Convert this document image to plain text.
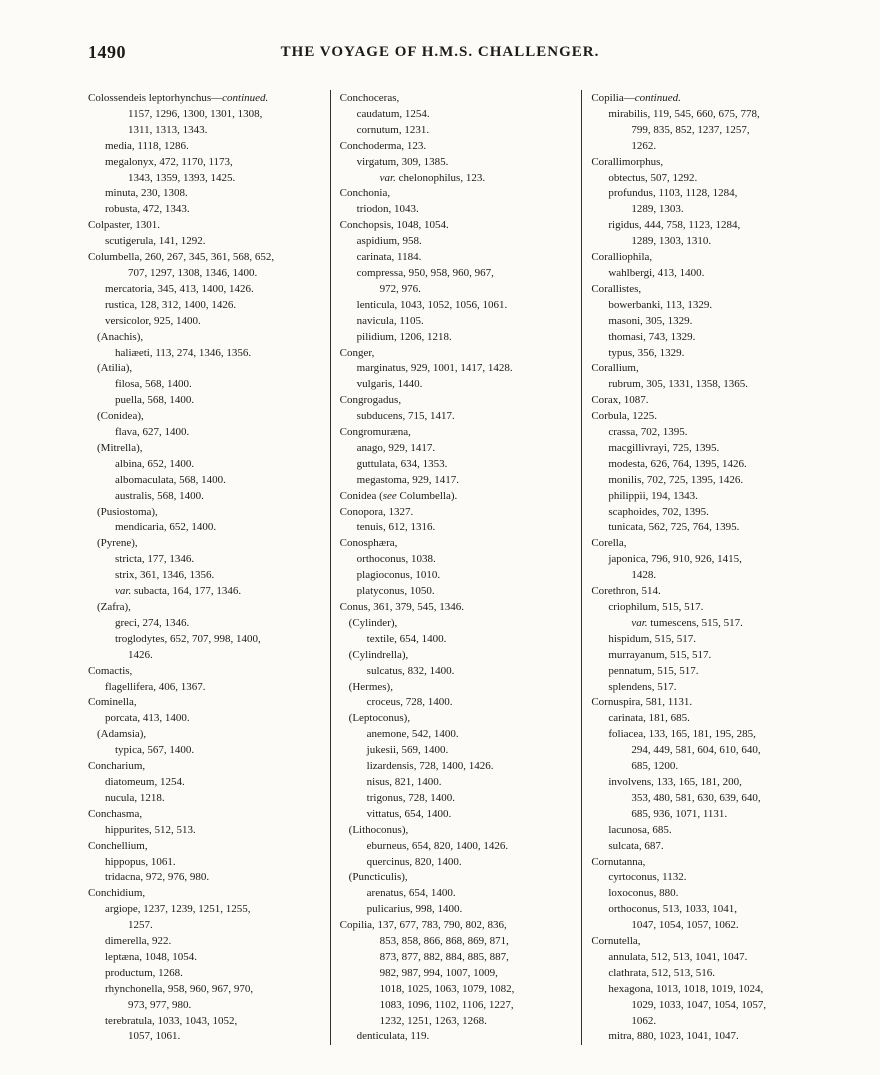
1490	THE VOYAGE OF H.M.S. CHALLENGER.
Colossendeis leptorhynchus—continued.
1157, 1296, 1300, 1301, 1308,
1311, 1313, 1343.
media, 1118, 1286.
megalonyx, 472, 1170, 1173,
1343, 1359, 1393, 1425.
minuta, 230, 1308.
robusta, 472, 1343.
Colpaster, 1301.
scutigerula, 141, 1292.
Columbella, 260, 267, 345, 361, 568, 652,
707, 1297, 1308, 1346, 1400.
mercatoria, 345, 413, 1400, 1426.
rustica, 128, 312, 1400, 1426.
versicolor, 925, 1400.
(Anachis),
haliæeti, 113, 274, 1346, 1356.
(Atilia),
filosa, 568, 1400.
puella, 568, 1400.
(Conidea),
flava, 627, 1400.
(Mitrella),
albina, 652, 1400.
albomaculata, 568, 1400.
australis, 568, 1400.
(Pusiostoma),
mendicaria, 652, 1400.
(Pyrene),
stricta, 177, 1346.
strix, 361, 1346, 1356.
var. subacta, 164, 177, 1346.
(Zafra),
greci, 274, 1346.
troglodytes, 652, 707, 998, 1400,
1426.
Comactis,
flagellifera, 406, 1367.
Cominella,
porcata, 413, 1400.
(Adamsia),
typica, 567, 1400.
Concharium,
diatomeum, 1254.
nucula, 1218.
Conchasma,
hippurites, 512, 513.
Conchellium,
hippopus, 1061.
tridacna, 972, 976, 980.
Conchidium,
argiope, 1237, 1239, 1251, 1255,
1257.
dimerella, 922.
leptæna, 1048, 1054.
productum, 1268.
rhynchonella, 958, 960, 967, 970,
973, 977, 980.
terebratula, 1033, 1043, 1052,
1057, 1061.
Conchoceras,
caudatum, 1254.
cornutum, 1231.
Conchoderma, 123.
virgatum, 309, 1385.
var. chelonophilus, 123.
Conchonia,
triodon, 1043.
Conchopsis, 1048, 1054.
aspidium, 958.
carinata, 1184.
compressa, 950, 958, 960, 967,
972, 976.
lenticula, 1043, 1052, 1056, 1061.
navicula, 1105.
pilidium, 1206, 1218.
Conger,
marginatus, 929, 1001, 1417, 1428.
vulgaris, 1440.
Congrogadus,
subducens, 715, 1417.
Congromuræna,
anago, 929, 1417.
guttulata, 634, 1353.
megastoma, 929, 1417.
Conidea (see Columbella).
Conopora, 1327.
tenuis, 612, 1316.
Conosphæra,
orthoconus, 1038.
plagioconus, 1010.
platyconus, 1050.
Conus, 361, 379, 545, 1346.
(Cylinder),
textile, 654, 1400.
(Cylindrella),
sulcatus, 832, 1400.
(Hermes),
croceus, 728, 1400.
(Leptoconus),
anemone, 542, 1400.
jukesii, 569, 1400.
lizardensis, 728, 1400, 1426.
nisus, 821, 1400.
trigonus, 728, 1400.
vittatus, 654, 1400.
(Lithoconus),
eburneus, 654, 820, 1400, 1426.
quercinus, 820, 1400.
(Puncticulis),
arenatus, 654, 1400.
pulicarius, 998, 1400.
Copilia, 137, 677, 783, 790, 802, 836,
853, 858, 866, 868, 869, 871,
873, 877, 882, 884, 885, 887,
982, 987, 994, 1007, 1009,
1018, 1025, 1063, 1079, 1082,
1083, 1096, 1102, 1106, 1227,
1232, 1251, 1263, 1268.
denticulata, 119.
Copilia—continued.
mirabilis, 119, 545, 660, 675, 778,
799, 835, 852, 1237, 1257,
1262.
Corallimorphus,
obtectus, 507, 1292.
profundus, 1103, 1128, 1284,
1289, 1303.
rigidus, 444, 758, 1123, 1284,
1289, 1303, 1310.
Coralliophila,
wahlbergi, 413, 1400.
Corallistes,
bowerbanki, 113, 1329.
masoni, 305, 1329.
thomasi, 743, 1329.
typus, 356, 1329.
Corallium,
rubrum, 305, 1331, 1358, 1365.
Corax, 1087.
Corbula, 1225.
crassa, 702, 1395.
macgillivrayi, 725, 1395.
modesta, 626, 764, 1395, 1426.
monilis, 702, 725, 1395, 1426.
philippii, 194, 1343.
scaphoides, 702, 1395.
tunicata, 562, 725, 764, 1395.
Corella,
japonica, 796, 910, 926, 1415,
1428.
Corethron, 514.
criophilum, 515, 517.
var. tumescens, 515, 517.
hispidum, 515, 517.
murrayanum, 515, 517.
pennatum, 515, 517.
splendens, 517.
Cornuspira, 581, 1131.
carinata, 181, 685.
foliacea, 133, 165, 181, 195, 285,
294, 449, 581, 604, 610, 640,
685, 1200.
involvens, 133, 165, 181, 200,
353, 480, 581, 630, 639, 640,
685, 936, 1071, 1131.
lacunosa, 685.
sulcata, 687.
Cornutanna,
cyrtoconus, 1132.
loxoconus, 880.
orthoconus, 513, 1033, 1041,
1047, 1054, 1057, 1062.
Cornutella,
annulata, 512, 513, 1041, 1047.
clathrata, 512, 513, 516.
hexagona, 1013, 1018, 1019, 1024,
1029, 1033, 1047, 1054, 1057,
1062.
mitra, 880, 1023, 1041, 1047.
